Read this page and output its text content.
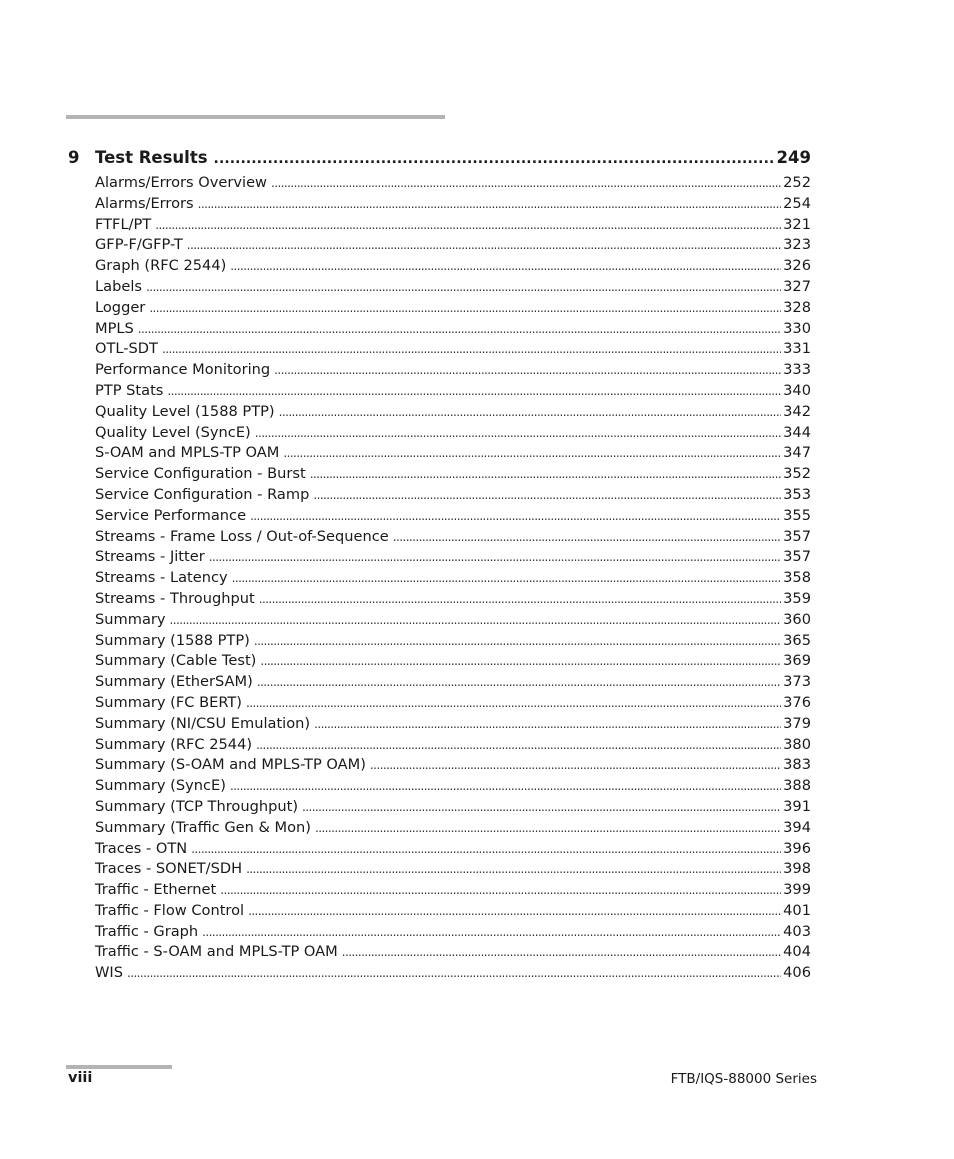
9 Test Results . . .	249
Alarms/Errors Overview . . .	252
Alarms/Errors . . .	254
FTFL/PT . . .	321
GFP-F/GFP-T . . .	323
Graph (RFC 2544) . . .	326
Labels . . .	327
Logger . . .	328
MPLS . . .	330
OTL-SDT . . .	331
Performance Monitoring . . .	333
PTP Stats . . .	340
Quality Level (1588 PTP) . . .	342
Quality Level (SyncE) . . .	344
S-OAM and MPLS-TP OAM . . .	347
Service Configuration - Burst . . .	352
Service Configuration - Ramp . . .	353
Service Performance . . .	355
Streams - Frame Loss / Out-of-Sequence . . .	357
Streams - Jitter . . .	357
Streams - Latency . . .	358
Streams - Throughput . . .	359
Summary . . .	360
Summary (1588 PTP) . . .	365
Summary (Cable Test) . . .	369
Summary (EtherSAM) . . .	373
Summary (FC BERT) . . .	376
Summary (NI/CSU Emulation) . . .	379
Summary (RFC 2544) . . .	380
Summary (S-OAM and MPLS-TP OAM) . . .	383
Summary (SyncE) . . .	388
Summary (TCP Throughput) . . .	391
Summary (Traffic Gen & Mon) . . .	394
Traces - OTN . . .	396
Traces - SONET/SDH . . .	398
Traffic - Ethernet . . .	399
Traffic - Flow Control . . .	401
Traffic - Graph . . .	403
Traffic - S-OAM and MPLS-TP OAM . . .	404
WIS . . .	406
viii	FTB/IQS-88000 Series
